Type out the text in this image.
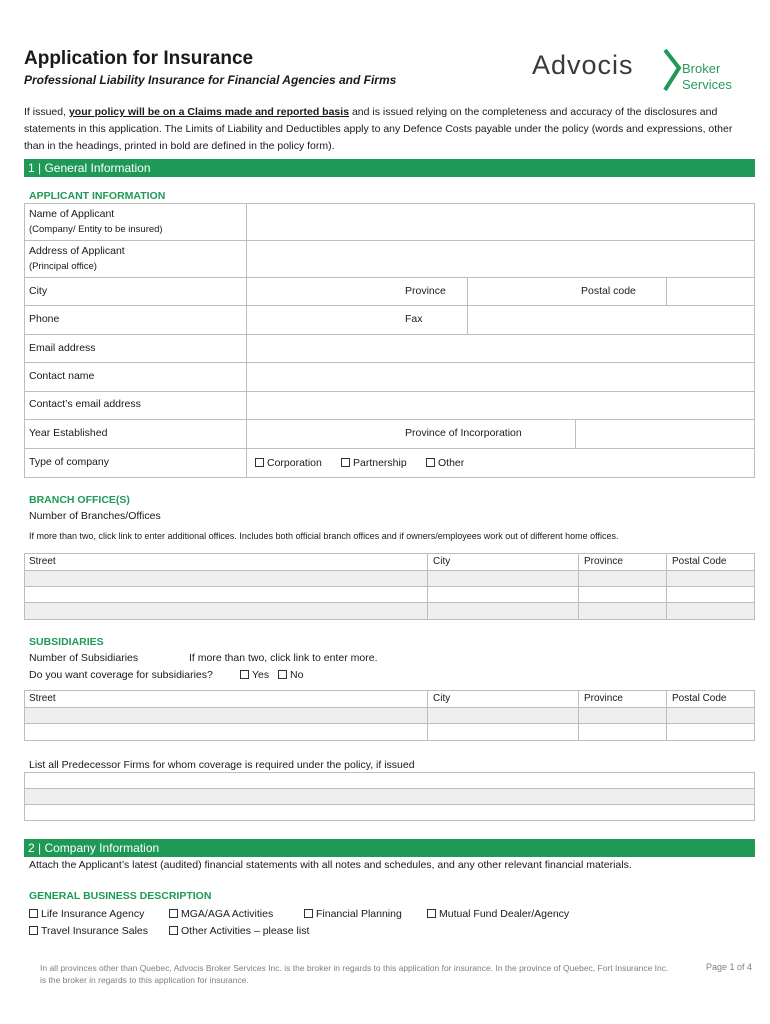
Application for Insurance
Professional Liability Insurance for Financial Agencies and Firms	Advocis	Broker
Services
If issued, your policy will be on a Claims made and reported basis and is issued relying on the completeness and accuracy of the disclosures and statements in this application. The Limits of Liability and Deductibles apply to any Defence Costs payable under the policy (words and expressions, other than in the headings, printed in bold are defined in the policy form).
1 | General Information
APPLICANT INFORMATION
Name of Applicant
(Company/ Entity to be insured)
Address of Applicant
(Principal office)
City	Province	Postal code
Phone	Fax
Email address
Contact name
Contact’s email address
Year Established	Province of Incorporation
Type of company	Corporation	Partnership	Other
BRANCH OFFICE(S)
Number of Branches/Offices
If more than two, click link to enter additional offices. Includes both official branch offices and if owners/employees work out of different home offices.
Street	City	Province	Postal Code
SUBSIDIARIES
Number of Subsidiaries	If more than two, click link to enter more.
Do you want coverage for subsidiaries?	Yes	No
Street	City	Province	Postal Code
List all Predecessor Firms for whom coverage is required under the policy, if issued
2 | Company Information
Attach the Applicant’s latest (audited) financial statements with all notes and schedules, and any other relevant financial materials.
GENERAL BUSINESS DESCRIPTION
Life Insurance Agency	MGA/AGA Activities	Financial Planning	Mutual Fund Dealer/Agency
Travel Insurance Sales	Other Activities – please list
In all provinces other than Quebec, Advocis Broker Services Inc. is the broker in regards to this application for insurance. In the province of Quebec, Fort Insurance Inc. is the broker in regards to this application for insurance.
Page 1 of 4
